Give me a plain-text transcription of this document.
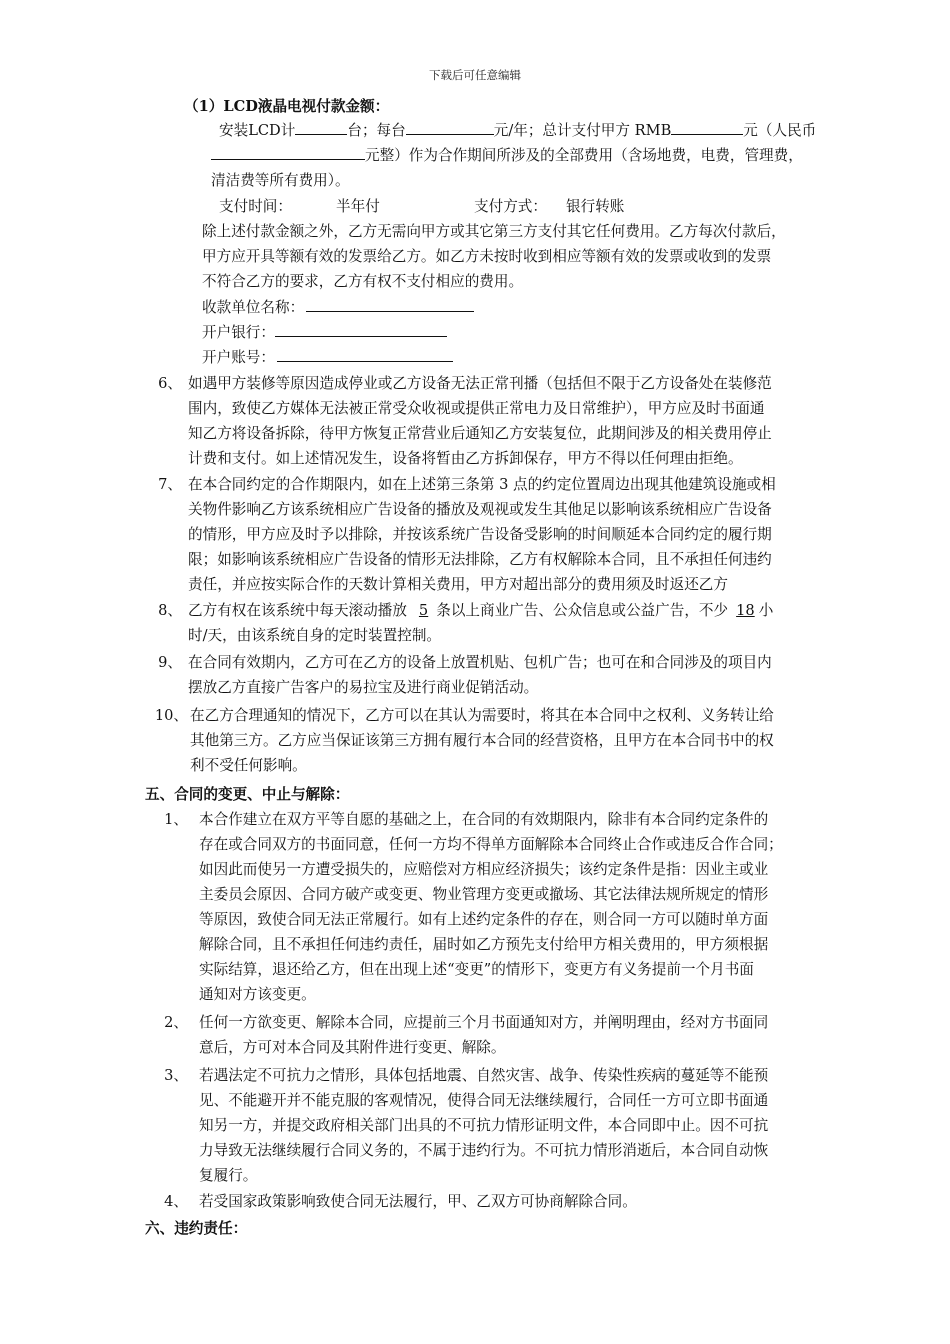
下载后可任意编辑
（1）LCD液晶电视付款金额：
安装LCD计	台；每台	元/年；总计支付甲方 RMB	元（人民币
元整）作为合作期间所涉及的全部费用（含场地费，电费，管理费，
清洁费等所有费用）。
支付时间：	半年付	支付方式： 银行转账
除上述付款金额之外，乙方无需向甲方或其它第三方支付其它任何费用。乙方每次付款后，
甲方应开具等额有效的发票给乙方。如乙方未按时收到相应等额有效的发票或收到的发票
不符合乙方的要求，乙方有权不支付相应的费用。
收款单位名称：
开户银行：
开户账号：
6、 如遇甲方装修等原因造成停业或乙方设备无法正常刊播（包括但不限于乙方设备处在装修范
围内，致使乙方媒体无法被正常受众收视或提供正常电力及日常维护），甲方应及时书面通
知乙方将设备拆除，待甲方恢复正常营业后通知乙方安装复位，此期间涉及的相关费用停止
计费和支付。如上述情况发生，设备将暂由乙方拆卸保存，甲方不得以任何理由拒绝。
7、 在本合同约定的合作期限内，如在上述第三条第 3 点的约定位置周边出现其他建筑设施或相
关物件影响乙方该系统相应广告设备的播放及观视或发生其他足以影响该系统相应广告设备
的情形，甲方应及时予以排除，并按该系统广告设备受影响的时间顺延本合同约定的履行期
限；如影响该系统相应广告设备的情形无法排除，乙方有权解除本合同，且不承担任何违约
责任，并应按实际合作的天数计算相关费用，甲方对超出部分的费用须及时返还乙方
8、 乙方有权在该系统中每天滚动播放 5 条以上商业广告、公众信息或公益广告，不少 18 小
时/天，由该系统自身的定时装置控制。
9、 在合同有效期内，乙方可在乙方的设备上放置机贴、包机广告；也可在和合同涉及的项目内
摆放乙方直接广告客户的易拉宝及进行商业促销活动。
10、 在乙方合理通知的情况下，乙方可以在其认为需要时，将其在本合同中之权利、义务转让给
其他第三方。乙方应当保证该第三方拥有履行本合同的经营资格，且甲方在本合同书中的权
利不受任何影响。
五、合同的变更、中止与解除：
1、 本合作建立在双方平等自愿的基础之上，在合同的有效期限内，除非有本合同约定条件的
存在或合同双方的书面同意，任何一方均不得单方面解除本合同终止合作或违反合作合同；
如因此而使另一方遭受损失的，应赔偿对方相应经济损失；该约定条件是指：因业主或业
主委员会原因、合同方破产或变更、物业管理方变更或撤场、其它法律法规所规定的情形
等原因，致使合同无法正常履行。如有上述约定条件的存在，则合同一方可以随时单方面
解除合同，且不承担任何违约责任，届时如乙方预先支付给甲方相关费用的，甲方须根据
实际结算，退还给乙方，但在出现上述“变更”的情形下，变更方有义务提前一个月书面
通知对方该变更。
2、 任何一方欲变更、解除本合同，应提前三个月书面通知对方，并阐明理由，经对方书面同
意后，方可对本合同及其附件进行变更、解除。
3、 若遇法定不可抗力之情形，具体包括地震、自然灾害、战争、传染性疾病的蔓延等不能预
见、不能避开并不能克服的客观情况，使得合同无法继续履行，合同任一方可立即书面通
知另一方，并提交政府相关部门出具的不可抗力情形证明文件，本合同即中止。因不可抗
力导致无法继续履行合同义务的，不属于违约行为。不可抗力情形消逝后，本合同自动恢
复履行。
4、 若受国家政策影响致使合同无法履行，甲、乙双方可协商解除合同。
六、违约责任：
